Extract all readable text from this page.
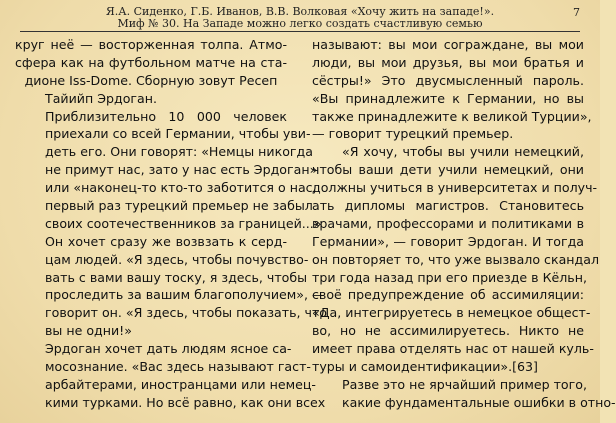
Я.А. Сиденко, Г.Б. Иванов, В.В. Волковая «Хочу жить на западе!».
Миф № 30. На Западе можно легко создать счастливую семью
7
круг неё — восторженная толпа. Атмо-
сфера как на футбольном матче на ста-
дионе Iss-Dome. Сборную зовут Ресеп
Тайийп Эрдоган.
Приблизительно 10 000 человек
приехали со всей Германии, чтобы уви-
деть его. Они говорят: «Немцы никогда
не примут нас, зато у нас есть Эрдоган»
или «наконец-то кто-то заботится о нас,
первый раз турецкий премьер не забыл
своих соотечественников за границей...»
Он хочет сразу же возвзать к серд-
цам людей. «Я здесь, чтобы почувство-
вать с вами вашу тоску, я здесь, чтобы
проследить за вашим благополучием», —
говорит он. «Я здесь, чтобы показать, что
вы не одни!»
Эрдоган хочет дать людям ясное са-
мосознание. «Вас здесь называют гаст-
арбайтерами, иностранцами или немец-
кими турками. Но всё равно, как они всех
называют: вы мои сограждане, вы мои
люди, вы мои друзья, вы мои братья и
сёстры!» Это двусмысленный пароль.
«Вы принадлежите к Германии, но вы
также принадлежите к великой Турции»,
— говорит турецкий премьер.
«Я хочу, чтобы вы учили немецкий,
чтобы ваши дети учили немецкий, они
должны учиться в университетах и получ-
ать дипломы магистров. Становитесь
врачами, профессорами и политиками в
Германии», — говорит Эрдоган. И тогда
он повторяет то, что уже вызвало скандал
три года назад при его приезде в Кёльн,
своё предупреждение об ассимиляции:
«Да, интегрируетесь в немецкое общест-
во, но не ассимилируетесь. Никто не
имеет права отделять нас от нашей куль-
туры и самоидентификации».[63]
Разве это не ярчайший пример того,
какие фундаментальные ошибки в отно-
